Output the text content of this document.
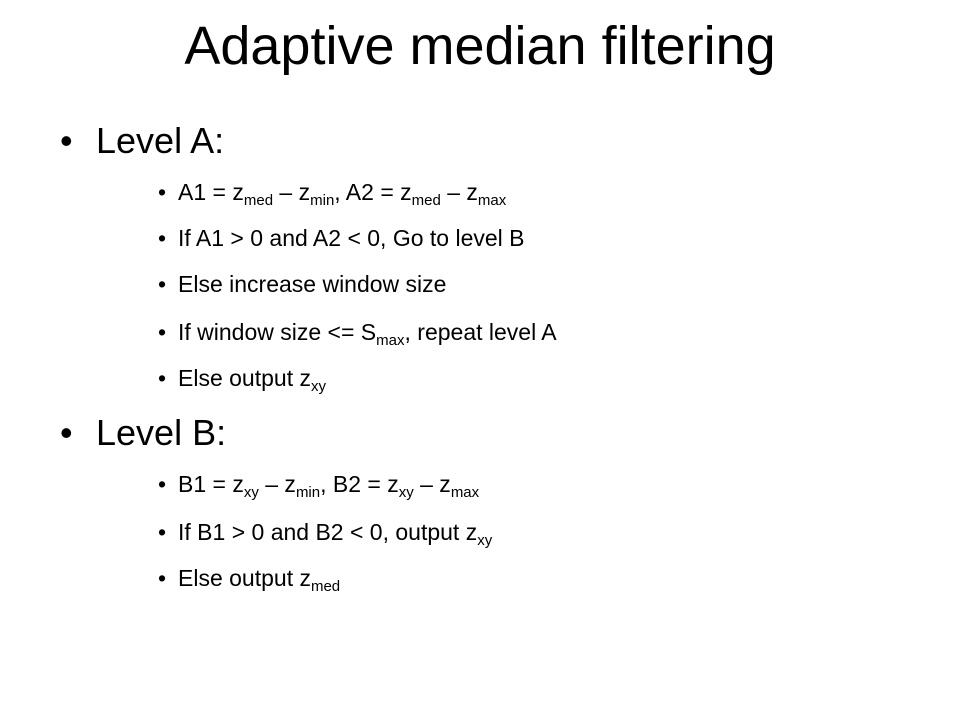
Adaptive median filtering
• Level A:
• $A1 = z_{med} - z_{min}$, $A2 = z_{med} - z_{max}$
• If A1 > 0 and A2 < 0, Go to level B
• Else increase window size
• If window size <= $S_{max}$, repeat level A
• Else output $z_{xy}$
• Level B:
• $B1 = z_{xy} - z_{min}$, $B2 = z_{xy} - z_{max}$
• If B1 > 0 and B2 < 0, output $z_{xy}$
• Else output $z_{med}$
